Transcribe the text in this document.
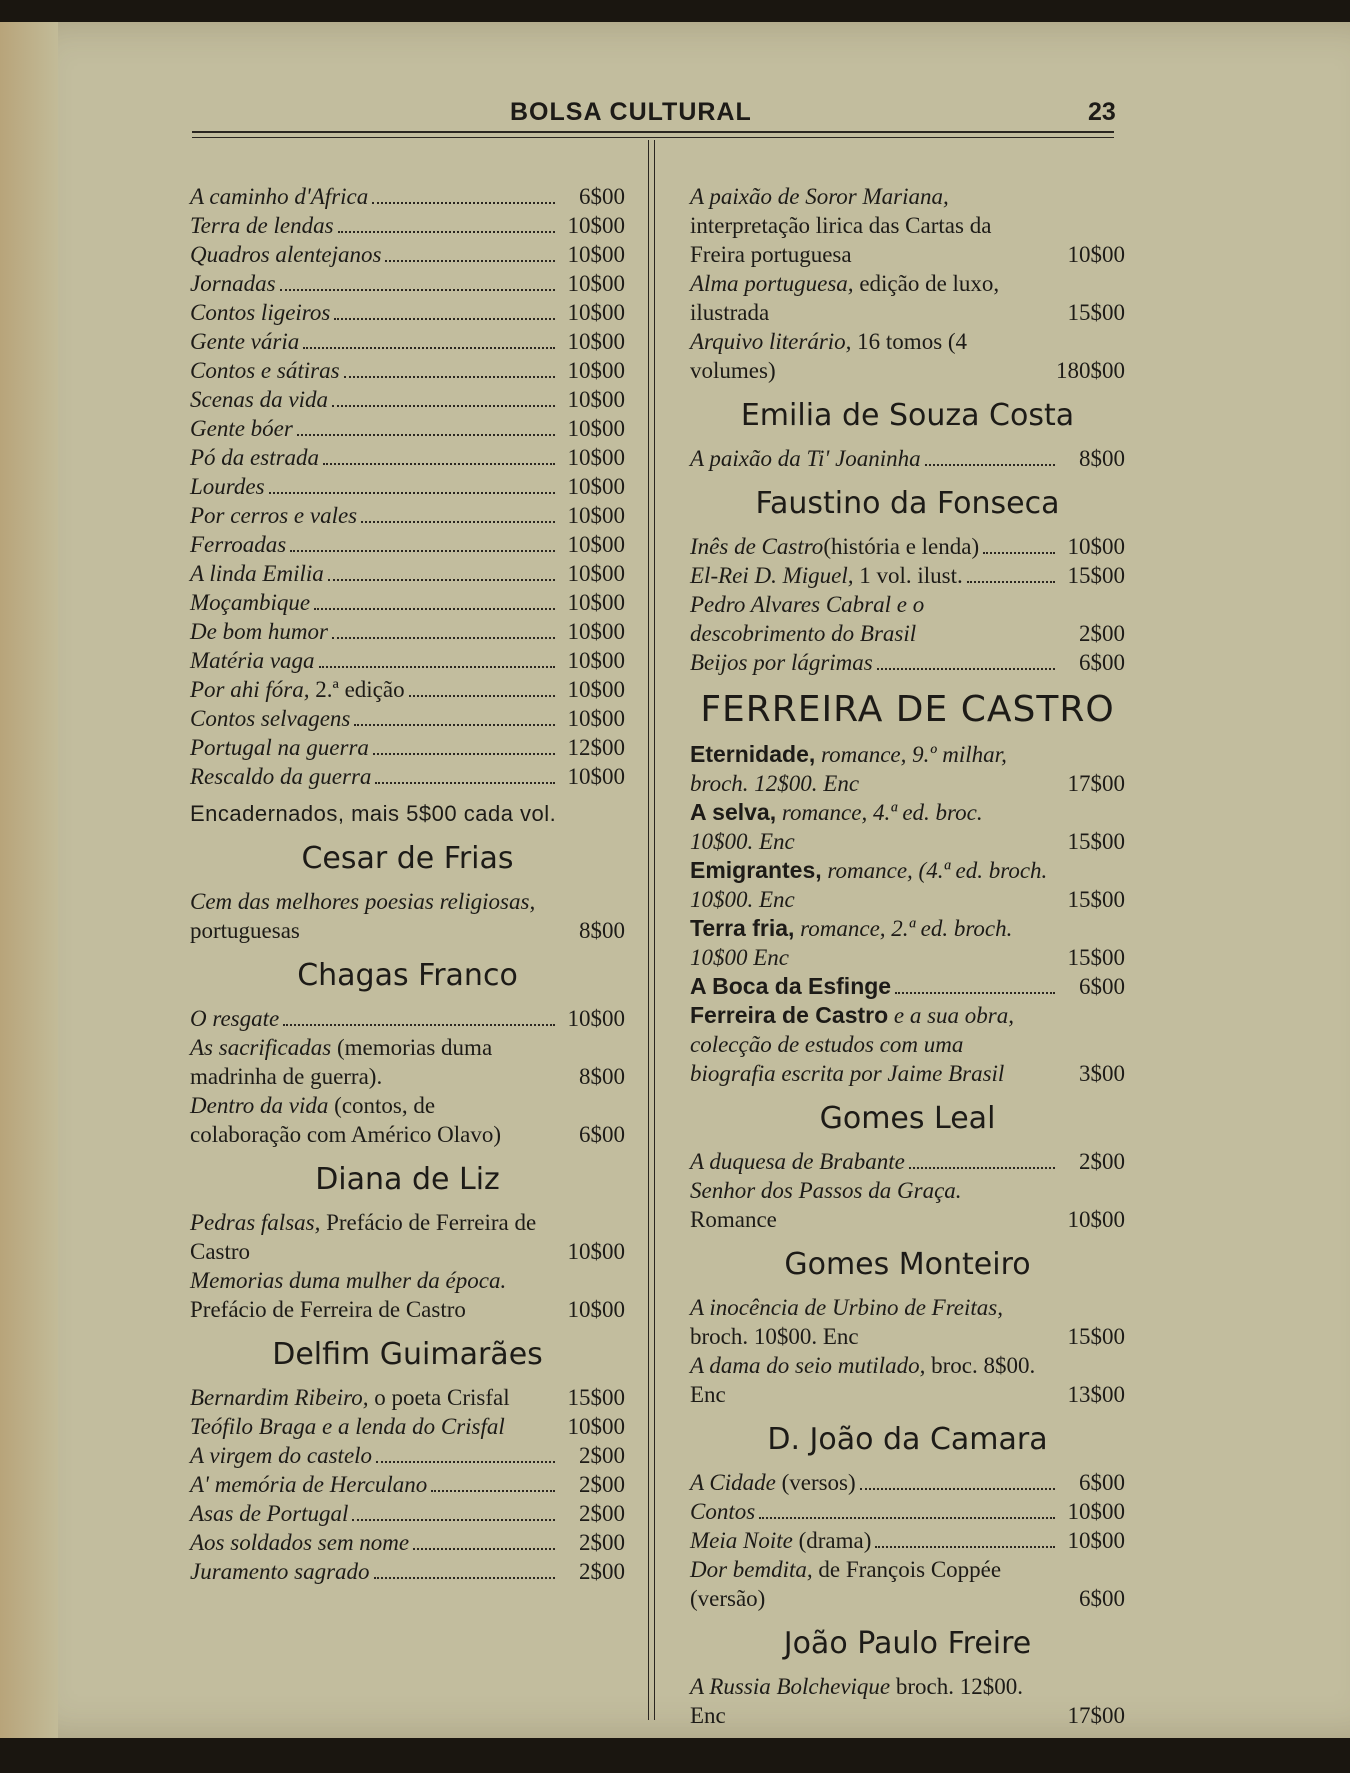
BOLSA CULTURAL	23
A caminho d'Africa	6$00
Terra de lendas	10$00
Quadros alentejanos	10$00
Jornadas	10$00
Contos ligeiros	10$00
Gente vária	10$00
Contos e sátiras	10$00
Scenas da vida	10$00
Gente bóer	10$00
Pó da estrada	10$00
Lourdes	10$00
Por cerros e vales	10$00
Ferroadas	10$00
A linda Emilia	10$00
Moçambique	10$00
De bom humor	10$00
Matéria vaga	10$00
Por ahi fóra, 2.ª edição	10$00
Contos selvagens	10$00
Portugal na guerra	12$00
Rescaldo da guerra	10$00
Encadernados, mais 5$00 cada vol.
Cesar de Frias
Cem das melhores poesias religiosas, portuguesas	8$00
Chagas Franco
O resgate	10$00
As sacrificadas (memorias duma madrinha de guerra).	8$00
Dentro da vida (contos, de colaboração com Américo Olavo)	6$00
Diana de Liz
Pedras falsas, Prefácio de Ferreira de Castro	10$00
Memorias duma mulher da época. Prefácio de Ferreira de Castro	10$00
Delfim Guimarães
Bernardim Ribeiro, o poeta Crisfal	15$00
Teófilo Braga e a lenda do Crisfal	10$00
A virgem do castelo	2$00
A' memória de Herculano	2$00
Asas de Portugal	2$00
Aos soldados sem nome	2$00
Juramento sagrado	2$00
A paixão de Soror Mariana, interpretação lirica das Cartas da Freira portuguesa	10$00
Alma portuguesa, edição de luxo, ilustrada	15$00
Arquivo literário, 16 tomos (4 volumes)	180$00
Emilia de Souza Costa
A paixão da Ti' Joaninha	8$00
Faustino da Fonseca
Inês de Castro(história e lenda)	10$00
El-Rei D. Miguel, 1 vol. ilust.	15$00
Pedro Alvares Cabral e o descobrimento do Brasil	2$00
Beijos por lágrimas	6$00
FERREIRA DE CASTRO
Eternidade, romance, 9.º milhar, broch. 12$00. Enc	17$00
A selva, romance, 4.ª ed. broc. 10$00. Enc	15$00
Emigrantes, romance, (4.ª ed. broch. 10$00. Enc	15$00
Terra fria, romance, 2.ª ed. broch. 10$00 Enc	15$00
A Boca da Esfinge	6$00
Ferreira de Castro e a sua obra, colecção de estudos com uma biografia escrita por Jaime Brasil	3$00
Gomes Leal
A duquesa de Brabante	2$00
Senhor dos Passos da Graça. Romance	10$00
Gomes Monteiro
A inocência de Urbino de Freitas, broch. 10$00. Enc	15$00
A dama do seio mutilado, broc. 8$00. Enc	13$00
D. João da Camara
A Cidade (versos)	6$00
Contos	10$00
Meia Noite (drama)	10$00
Dor bemdita, de François Coppée (versão)	6$00
João Paulo Freire
A Russia Bolchevique broch. 12$00. Enc	17$00
